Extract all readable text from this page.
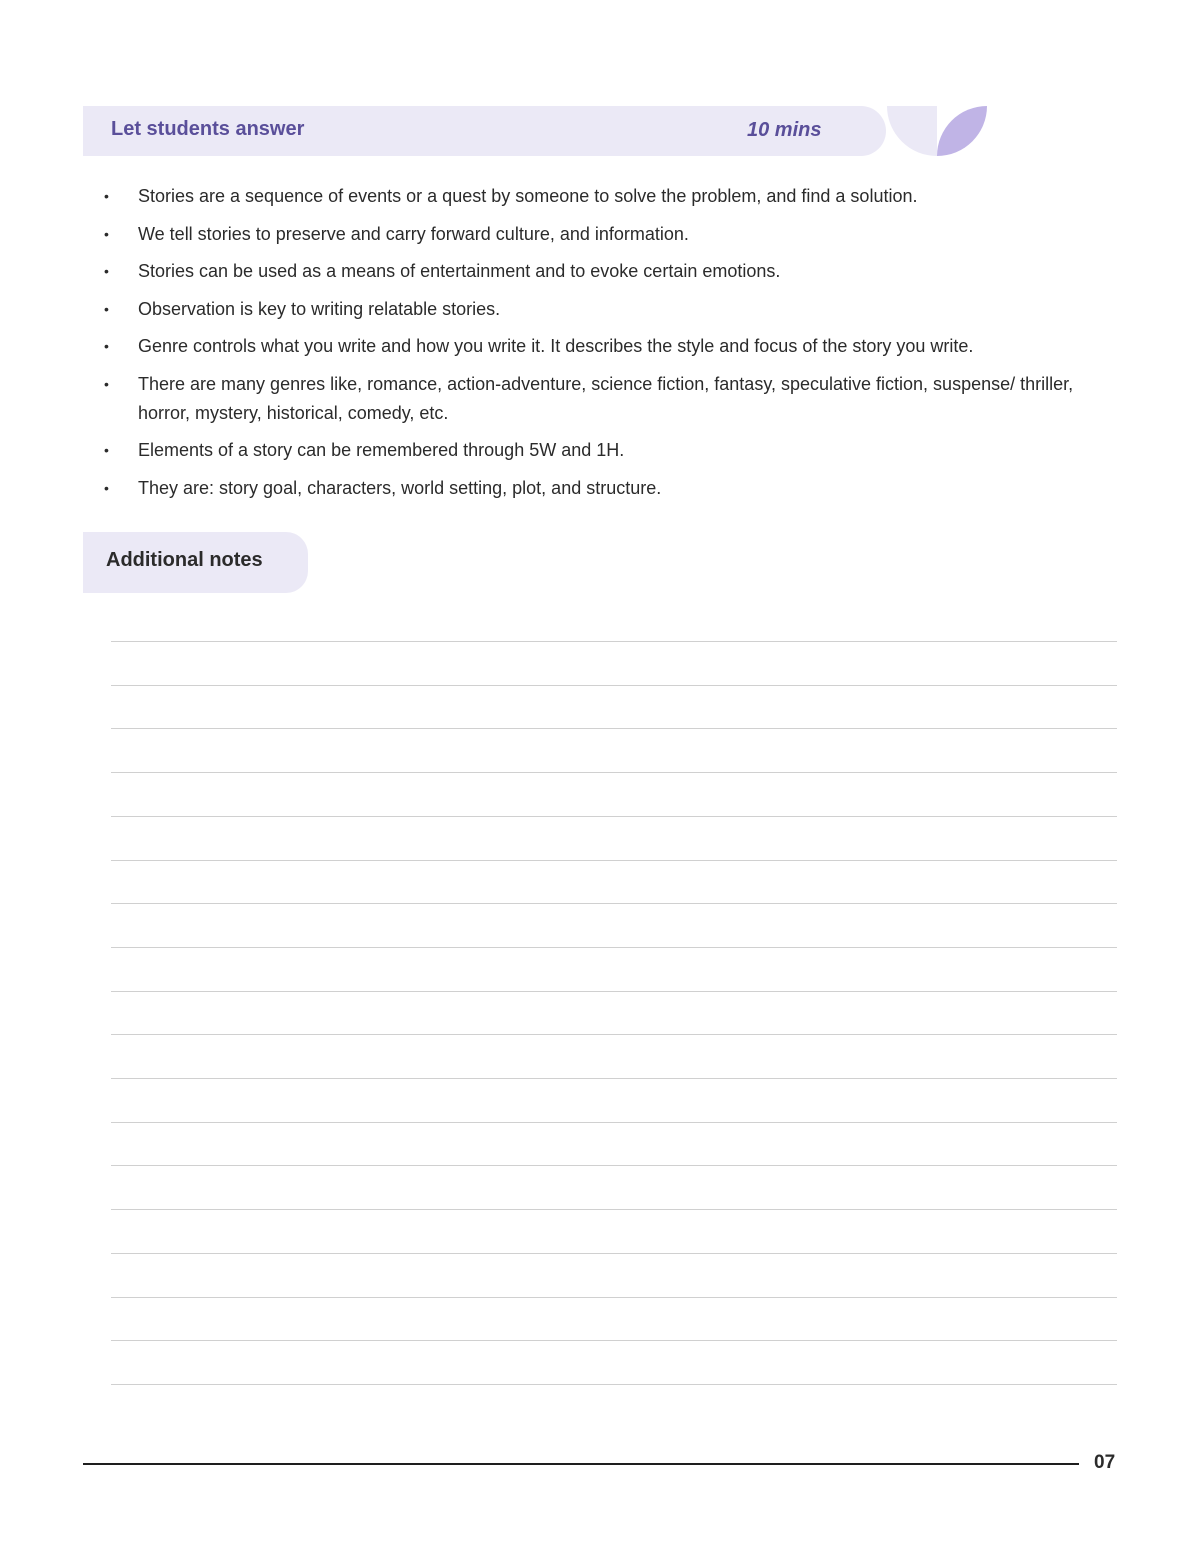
Let students answer	10 mins
• Stories are a sequence of events or a quest by someone to solve the problem, and find a solution.
• We tell stories to preserve and carry forward culture, and information.
• Stories can be used as a means of entertainment and to evoke certain emotions.
• Observation is key to writing relatable stories.
• Genre controls what you write and how you write it. It describes the style and focus of the story you write.
• There are many genres like, romance, action-adventure, science fiction, fantasy, speculative fiction, suspense/ thriller, horror, mystery, historical, comedy, etc.
• Elements of a story can be remembered through 5W and 1H.
• They are: story goal, characters, world setting, plot, and structure.
Additional notes
07
